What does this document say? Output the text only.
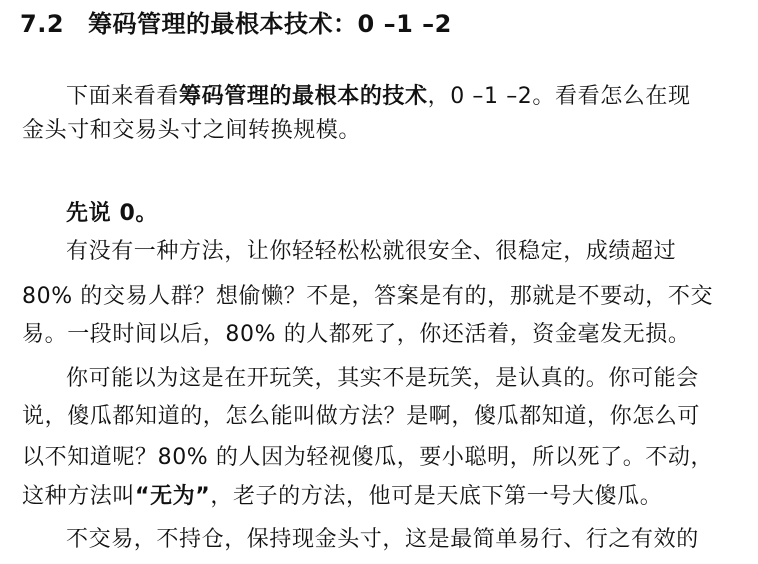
7.2 筹码管理的最根本技术：0 –1 –2
下面来看看筹码管理的最根本的技术，0 –1 –2。看看怎么在现
金头寸和交易头寸之间转换规模。
先说 0。
有没有一种方法，让你轻轻松松就很安全、很稳定，成绩超过
80% 的交易人群？想偷懒？不是，答案是有的，那就是不要动，不交
易。一段时间以后，80% 的人都死了，你还活着，资金毫发无损。
你可能以为这是在开玩笑，其实不是玩笑，是认真的。你可能会
说，傻瓜都知道的，怎么能叫做方法？是啊，傻瓜都知道，你怎么可
以不知道呢？80% 的人因为轻视傻瓜，要小聪明，所以死了。不动，
这种方法叫“无为”，老子的方法，他可是天底下第一号大傻瓜。
不交易，不持仓，保持现金头寸，这是最简单易行、行之有效的
